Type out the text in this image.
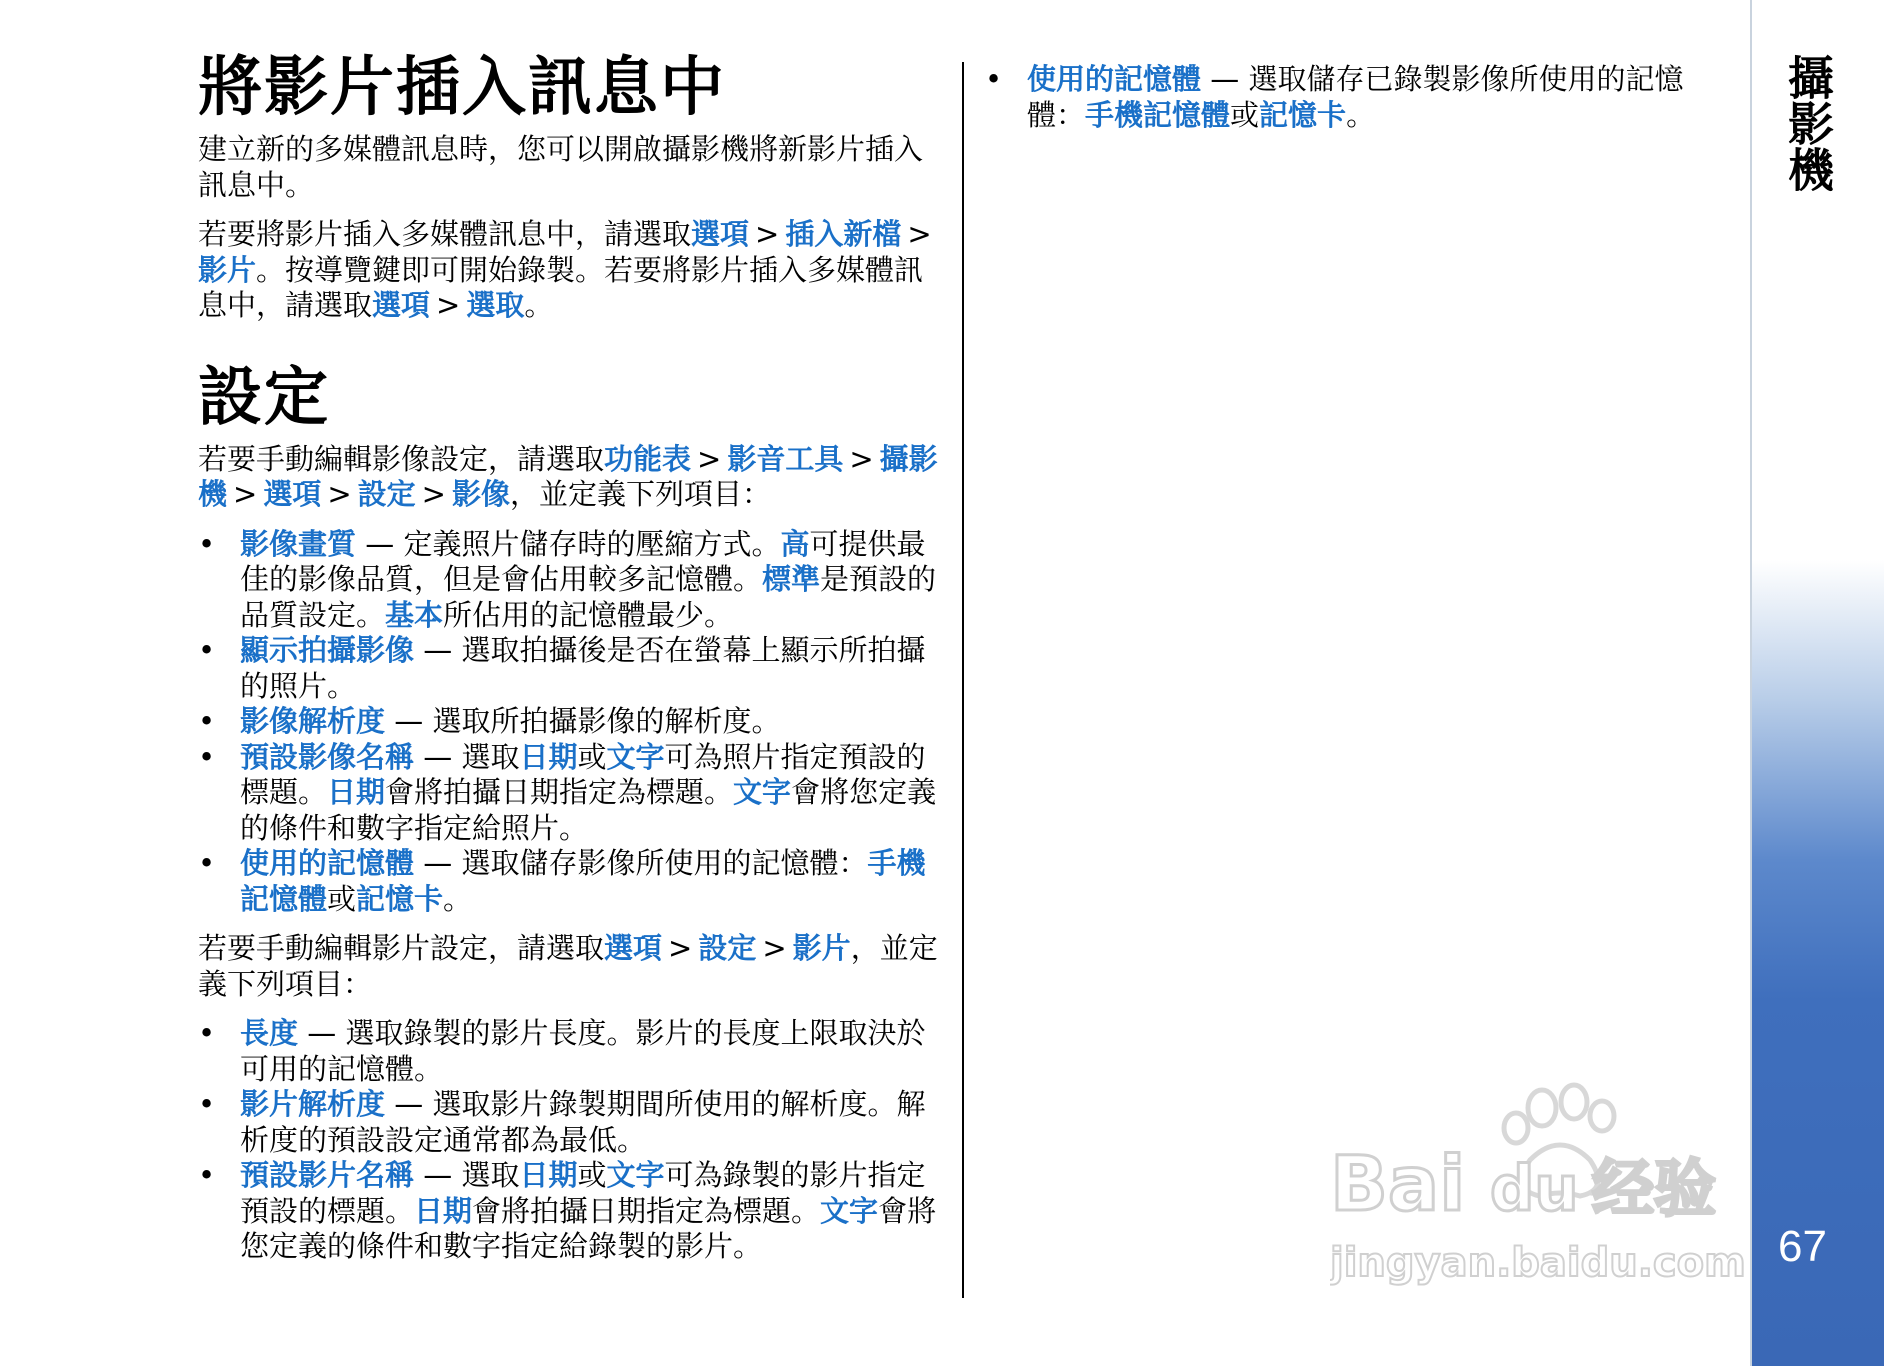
攝影機
67
將影片插入訊息中

建立新的多媒體訊息時，您可以開啟攝影機將新影片插入訊息中。

若要將影片插入多媒體訊息中，請選取選項 > 插入新檔 >影片。按導覽鍵即可開始錄製。若要將影片插入多媒體訊息中，請選取選項 > 選取。

設定

若要手動編輯影像設定，請選取功能表 > 影音工具 > 攝影機 > 選項 > 設定 > 影像，並定義下列項目：

• 影像畫質 — 定義照片儲存時的壓縮方式。高可提供最佳的影像品質，但是會佔用較多記憶體。標準是預設的品質設定。基本所佔用的記憶體最少。
• 顯示拍攝影像 — 選取拍攝後是否在螢幕上顯示所拍攝的照片。
• 影像解析度 — 選取所拍攝影像的解析度。
• 預設影像名稱 — 選取日期或文字可為照片指定預設的標題。日期會將拍攝日期指定為標題。文字會將您定義的條件和數字指定給照片。
• 使用的記憶體 — 選取儲存影像所使用的記憶體：手機記憶體或記憶卡。

若要手動編輯影片設定，請選取選項 > 設定 > 影片，並定義下列項目：

• 長度 — 選取錄製的影片長度。影片的長度上限取決於可用的記憶體。
• 影片解析度 — 選取影片錄製期間所使用的解析度。解析度的預設設定通常都為最低。
• 預設影片名稱 — 選取日期或文字可為錄製的影片指定預設的標題。日期會將拍攝日期指定為標題。文字會將您定義的條件和數字指定給錄製的影片。
• 使用的記憶體 — 選取儲存已錄製影像所使用的記憶體：手機記憶體或記憶卡。
Bai du 经验
jingyan.baidu.com
